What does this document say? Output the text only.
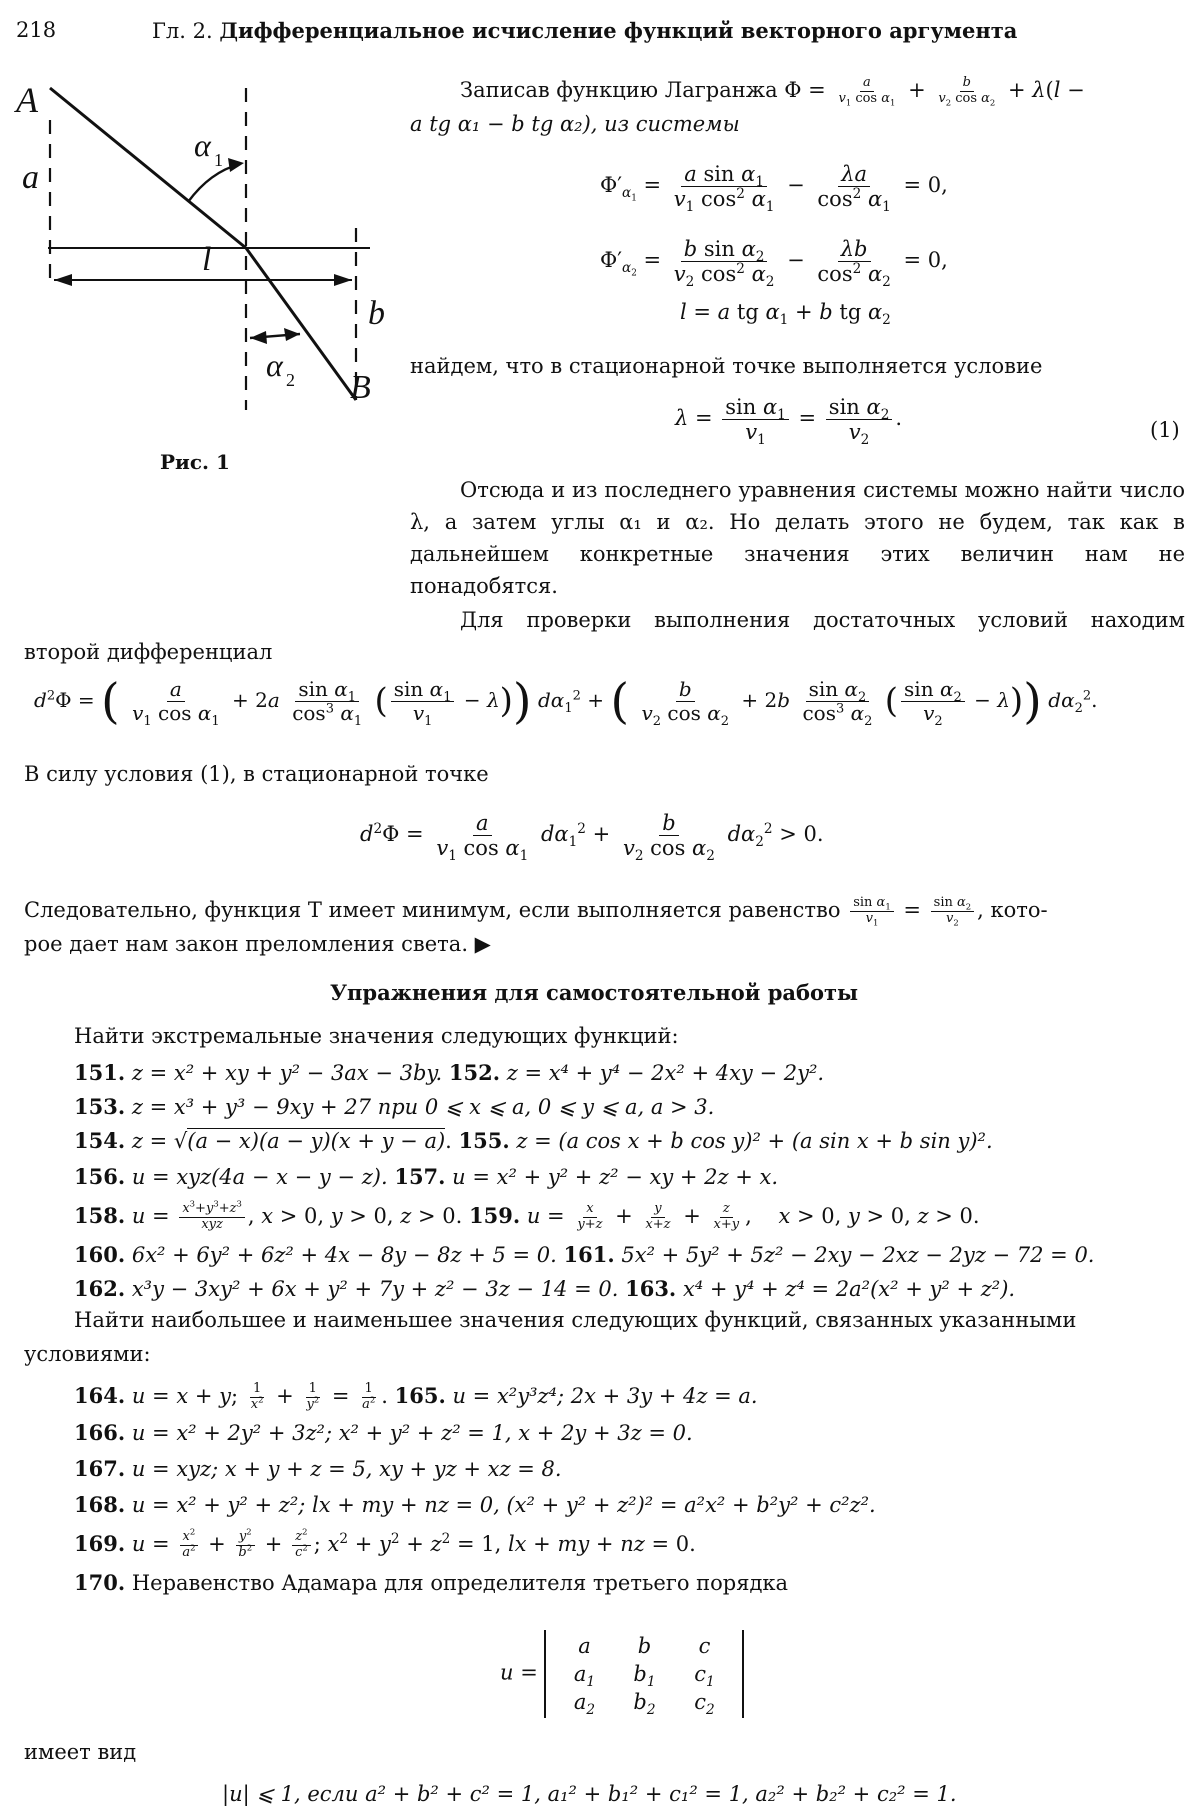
218	Гл. 2. Дифференциальное исчисление функций векторного аргумента
A
B
a
b
l
α 1
α 2
Рис. 1
Записав функцию Лагранжа $\Phi = \frac{a}{v_1 \cos \alpha_1} + \frac{b}{v_2 \cos \alpha_2} + \lambda(l$ −
a tg α₁ − b tg α₂), из системы
$\Phi'_{\alpha_1} = \frac{a \sin \alpha_1}{v_1 \cos^2 \alpha_1} - \frac{\lambda a}{\cos^2 \alpha_1} = 0$,
$\Phi'_{\alpha_2} = \frac{b \sin \alpha_2}{v_2 \cos^2 \alpha_2} - \frac{\lambda b}{\cos^2 \alpha_2} = 0$,
l = a tg $\alpha_1 + b$ tg $\alpha_2$
найдем, что в стационарной точке выполняется условие
$\lambda = \frac{\sin \alpha_1}{v_1} = \frac{\sin \alpha_2}{v_2}$ .	(1)
Отсюда и из последнего уравнения системы можно найти число λ, а затем углы α₁ и α₂. Но делать этого не будем, так как в дальнейшем конкретные значения этих величин нам не понадобятся.
Для проверки выполнения достаточных условий находим второй дифференциал
$d^2\Phi$ = ( $\frac{a}{v_1 \cos \alpha_1} + 2a \frac{\sin \alpha_1}{\cos^3 \alpha_1}$ ( $\frac{\sin \alpha_1}{v_1} - \lambda$)) $d\alpha_1^2$ + ( $\frac{b}{v_2 \cos \alpha_2} + 2b \frac{\sin \alpha_2}{\cos^3 \alpha_2}$ ( $\frac{\sin \alpha_2}{v_2} - \lambda$)) $d\alpha_2^2$.
В силу условия (1), в стационарной точке
$d^2\Phi = \frac{a}{v_1 \cos \alpha_1} d\alpha_1^2 + \frac{b}{v_2 \cos \alpha_2} d\alpha_2^2 > 0$.
Следовательно, функция T имеет минимум, если выполняется равенство $\frac{\sin \alpha_1}{v_1} = \frac{\sin \alpha_2}{v_2}$ , кото-
рое дает нам закон преломления света. ▶
Упражнения для самостоятельной работы
Найти экстремальные значения следующих функций:
151. z = x² + xy + y² − 3ax − 3by. 152. z = x⁴ + y⁴ − 2x² + 4xy − 2y².
153. z = x³ + y³ − 9xy + 27 при 0 ⩽ x ⩽ a, 0 ⩽ y ⩽ a, a > 3.
154. z = √(a − x)(a − y)(x + y − a). 155. z = (a cos x + b cos y)² + (a sin x + b sin y)².
156. u = xyz(4a − x − y − z). 157. u = x² + y² + z² − xy + 2z + x.
158. $u = \frac{x^3+y^3+z^3}{\text{xyz}}$ , x > 0, y > 0, z > 0. 159. $u = \frac{x}{y+z} + \frac{y}{x+z} + \frac{z}{x+y}$ ,    x > 0, y > 0, z > 0.
160. 6x² + 6y² + 6z² + 4x − 8y − 8z + 5 = 0. 161. 5x² + 5y² + 5z² − 2xy − 2xz − 2yz − 72 = 0.
162. x³y − 3xy² + 6x + y² + 7y + z² − 3z − 14 = 0. 163. x⁴ + y⁴ + z⁴ = 2a²(x² + y² + z²).
Найти наибольшее и наименьшее значения следующих функций, связанных указанными
условиями:
164. u = x + y; $\frac{1}{x^2} + \frac{1}{y^2} = \frac{1}{a^2}$ . 165. u = x²y³z⁴; 2x + 3y + 4z = a.
166. u = x² + 2y² + 3z²; x² + y² + z² = 1, x + 2y + 3z = 0.
167. u = xyz; x + y + z = 5, xy + yz + xz = 8.
168. u = x² + y² + z²; lx + my + nz = 0, (x² + y² + z²)² = a²x² + b²y² + c²z².
169. $u = \frac{x^2}{a^2} + \frac{y^2}{b^2} + \frac{z^2}{c^2}$ ; $x^2 + y^2 + z^2 = 1$, lx + my + nz = 0.
170. Неравенство Адамара для определителя третьего порядка
u =
a	b	c
$a_1$	$b_1$	$c_1$
$a_2$	$b_2$	$c_2$
имеет вид
|u| ⩽ 1, если a² + b² + c² = 1, a₁² + b₁² + c₁² = 1, a₂² + b₂² + c₂² = 1.
